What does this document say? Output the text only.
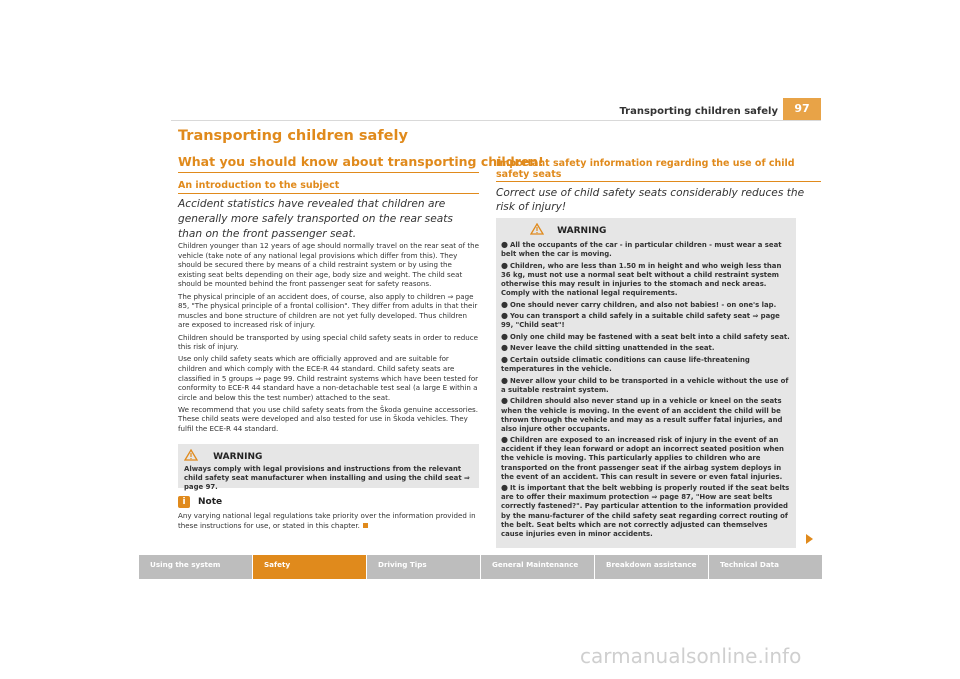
Transporting children safely	97
Transporting children safely
What you should know about transporting children!
An introduction to the subject
Accident statistics have revealed that children are generally more safely transported on the rear seats than on the front passenger seat.

Children younger than 12 years of age should normally travel on the rear seat of the vehicle (take note of any national legal provisions which differ from this). They should be secured there by means of a child restraint system or by using the existing seat belts depending on their age, body size and weight. The child seat should be mounted behind the front passenger seat for safety reasons.

The physical principle of an accident does, of course, also apply to children ⇒ page 85, "The physical principle of a frontal collision". They differ from adults in that their muscles and bone structure of children are not yet fully developed. Thus children are exposed to increased risk of injury.

Children should be transported by using special child safety seats in order to reduce this risk of injury.

Use only child safety seats which are officially approved and are suitable for children and which comply with the ECE-R 44 standard. Child safety seats are classified in 5 groups ⇒ page 99. Child restraint systems which have been tested for conformity to ECE-R 44 standard have a non-detachable test seal (a large E within a circle and below this the test number) attached to the seat.

We recommend that you use child safety seats from the Škoda genuine accessories. These child seats were developed and also tested for use in Škoda vehicles. They fulfil the ECE-R 44 standard.

WARNING
Always comply with legal provisions and instructions from the relevant child safety seat manufacturer when installing and using the child seat ⇒ page 97.
i Note
Any varying national legal regulations take priority over the information provided in these instructions for use, or stated in this chapter.
Important safety information regarding the use of child safety seats
Correct use of child safety seats considerably reduces the risk of injury!
WARNING
● All the occupants of the car - in particular children - must wear a seat belt when the car is moving.
● Children, who are less than 1.50 m in height and who weigh less than 36 kg, must not use a normal seat belt without a child restraint system otherwise this may result in injuries to the stomach and neck areas. Comply with the national legal requirements.
● One should never carry children, and also not babies! - on one's lap.
● You can transport a child safely in a suitable child safety seat ⇒ page 99, "Child seat"!
● Only one child may be fastened with a seat belt into a child safety seat.
● Never leave the child sitting unattended in the seat.
● Certain outside climatic conditions can cause life-threatening temperatures in the vehicle.
● Never allow your child to be transported in a vehicle without the use of a suitable restraint system.
● Children should also never stand up in a vehicle or kneel on the seats when the vehicle is moving. In the event of an accident the child will be thrown through the vehicle and may as a result suffer fatal injuries, and also injure other occupants.
● Children are exposed to an increased risk of injury in the event of an accident if they lean forward or adopt an incorrect seated position when the vehicle is moving. This particularly applies to children who are transported on the front passenger seat if the airbag system deploys in the event of an accident. This can result in severe or even fatal injuries.
● It is important that the belt webbing is properly routed if the seat belts are to offer their maximum protection ⇒ page 87, "How are seat belts correctly fastened?". Pay particular attention to the information provided by the manu-facturer of the child safety seat regarding correct routing of the belt. Seat belts which are not correctly adjusted can themselves cause injuries even in minor accidents.
Using the system	Safety	Driving Tips	General Maintenance	Breakdown assistance	Technical Data
carmanualsonline.info
